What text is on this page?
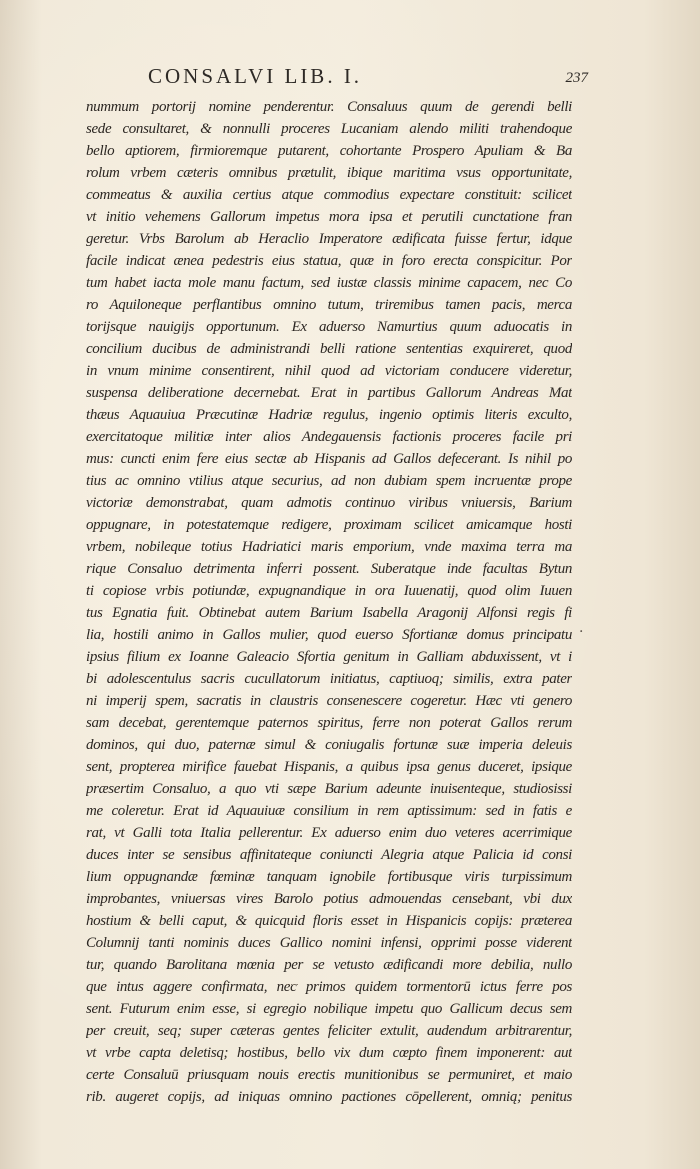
CONSALVI LIB. I.	237
nummum portorij nomine penderentur. Consaluus quum de gerendi belli
sede consultaret, & nonnulli proceres Lucaniam alendo militi trahendoque
bello aptiorem, firmioremque putarent, cohortante Prospero Apuliam & Ba
rolum vrbem cæteris omnibus prætulit, ibique maritima vsus opportunitate,
commeatus & auxilia certius atque commodius expectare constituit: scilicet
vt initio vehemens Gallorum impetus mora ipsa et perutili cunctatione fran
geretur. Vrbs Barolum ab Heraclio Imperatore ædificata fuisse fertur, idque
facile indicat ænea pedestris eius statua, quæ in foro erecta conspicitur. Por
tum habet iacta mole manu factum, sed iustæ classis minime capacem, nec Co
ro Aquiloneque perflantibus omnino tutum, triremibus tamen pacis, merca
torijsque nauigijs opportunum. Ex aduerso Namurtius quum aduocatis in
concilium ducibus de administrandi belli ratione sententias exquireret, quod
in vnum minime consentirent, nihil quod ad victoriam conducere videretur,
suspensa deliberatione decernebat. Erat in partibus Gallorum Andreas Mat
thæus Aquauiua Præcutinæ Hadriæ regulus, ingenio optimis literis exculto,
exercitatoque militiæ inter alios Andegauensis factionis proceres facile pri
mus: cuncti enim fere eius sectæ ab Hispanis ad Gallos defecerant. Is nihil po
tius ac omnino vtilius atque securius, ad non dubiam spem incruentæ prope
victoriæ demonstrabat, quam admotis continuo viribus vniuersis, Barium
oppugnare, in potestatemque redigere, proximam scilicet amicamque hosti
vrbem, nobileque totius Hadriatici maris emporium, vnde maxima terra ma
rique Consaluo detrimenta inferri possent. Suberatque inde facultas Bytun
ti copiose vrbis potiundæ, expugnandique in ora Iuuenatij, quod olim Iuuen
tus Egnatia fuit. Obtinebat autem Barium Isabella Aragonij Alfonsi regis fi
lia, hostili animo in Gallos mulier, quod euerso Sfortianæ domus principatu
ipsius filium ex Ioanne Galeacio Sfortia genitum in Galliam abduxissent, vt i
bi adolescentulus sacris cucullatorum initiatus, captiuoq; similis, extra pater
ni imperij spem, sacratis in claustris consenescere cogeretur. Hæc vti genero
sam decebat, gerentemque paternos spiritus, ferre non poterat Gallos rerum
dominos, qui duo, paternæ simul & coniugalis fortunæ suæ imperia deleuis
sent, propterea mirifice fauebat Hispanis, a quibus ipsa genus duceret, ipsique
præsertim Consaluo, a quo vti sæpe Barium adeunte inuisenteque, studiosissi
me coleretur. Erat id Aquauiuæ consilium in rem aptissimum: sed in fatis e
rat, vt Galli tota Italia pellerentur. Ex aduerso enim duo veteres acerrimique
duces inter se sensibus affinitateque coniuncti Alegria atque Palicia id consi
lium oppugnandæ fœminæ tanquam ignobile fortibusque viris turpissimum
improbantes, vniuersas vires Barolo potius admouendas censebant, vbi dux
hostium & belli caput, & quicquid floris esset in Hispanicis copijs: præterea
Columnij tanti nominis duces Gallico nomini infensi, opprimi posse viderent
tur, quando Barolitana mœnia per se vetusto ædificandi more debilia, nullo
que intus aggere confirmata, nec primos quidem tormentorū ictus ferre pos
sent. Futurum enim esse, si egregio nobilique impetu quo Gallicum decus sem
per creuit, seq; super cæteras gentes feliciter extulit, audendum arbitrarentur,
vt vrbe capta deletisq; hostibus, bello vix dum cœpto finem imponerent: aut
certe Consaluū priusquam nouis erectis munitionibus se permuniret, et maio
rib. augeret copijs, ad iniquas omnino pactiones cōpellerent, omnią; penitus
·
